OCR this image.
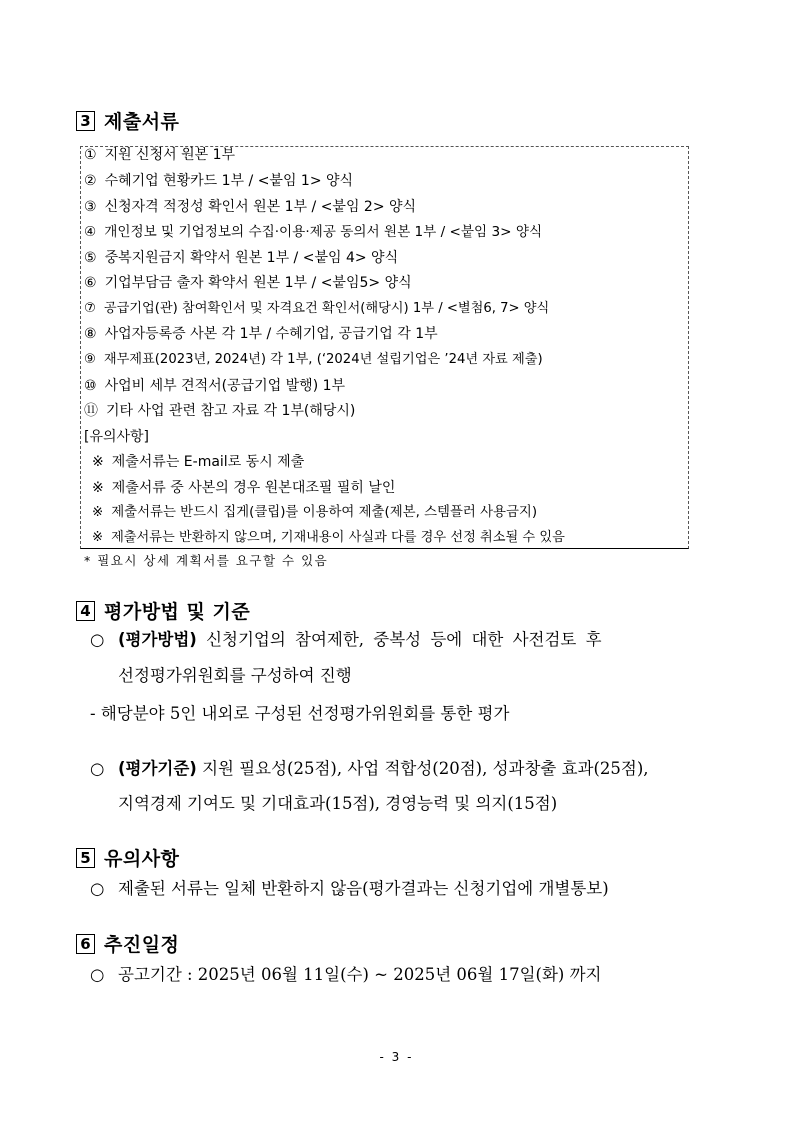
3 제출서류
① 지원 신청서 원본 1부
② 수혜기업 현황카드 1부 / <붙임 1> 양식
③ 신청자격 적정성 확인서 원본 1부 / <붙임 2> 양식
④ 개인정보 및 기업정보의 수집·이용·제공 동의서 원본 1부 / <붙임 3> 양식
⑤ 중복지원금지 확약서 원본 1부 / <붙임 4> 양식
⑥ 기업부담금 출자 확약서 원본 1부 / <붙임5> 양식
⑦ 공급기업(관) 참여확인서 및 자격요건 확인서(해당시) 1부 / <별첨6, 7> 양식
⑧ 사업자등록증 사본 각 1부 / 수혜기업, 공급기업 각 1부
⑨ 재무제표(2023년, 2024년) 각 1부, (‘2024년 설립기업은 ’24년 자료 제출)
⑩ 사업비 세부 견적서(공급기업 발행) 1부
⑪ 기타 사업 관련 참고 자료 각 1부(해당시)
[유의사항]
※ 제출서류는 E-mail로 동시 제출
※ 제출서류 중 사본의 경우 원본대조필 필히 날인
※ 제출서류는 반드시 집게(클립)를 이용하여 제출(제본, 스템플러 사용금지)
※ 제출서류는 반환하지 않으며, 기재내용이 사실과 다를 경우 선정 취소될 수 있음
* 필요시 상세 계획서를 요구할 수 있음
4 평가방법 및 기준
○ (평가방법) 신청기업의 참여제한, 중복성 등에 대한 사전검토 후
선정평가위원회를 구성하여 진행
- 해당분야 5인 내외로 구성된 선정평가위원회를 통한 평가
○ (평가기준) 지원 필요성(25점), 사업 적합성(20점), 성과창출 효과(25점),
지역경제 기여도 및 기대효과(15점), 경영능력 및 의지(15점)
5 유의사항
○ 제출된 서류는 일체 반환하지 않음(평가결과는 신청기업에 개별통보)
6 추진일정
○ 공고기간 : 2025년 06월 11일(수) ~ 2025년 06월 17일(화) 까지
- 3 -
